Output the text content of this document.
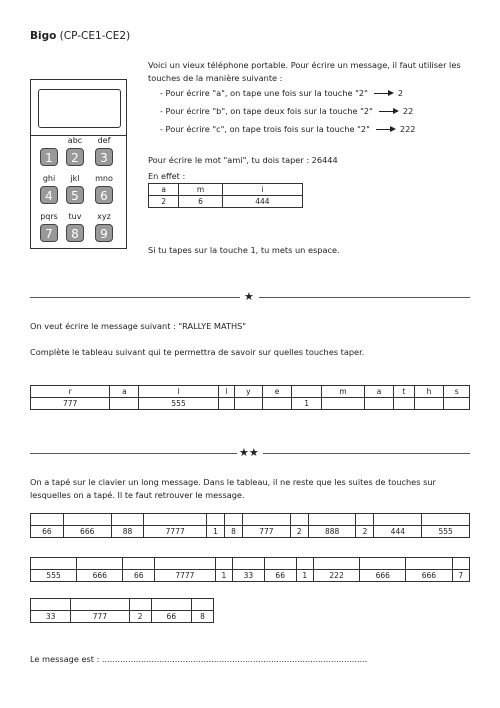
Bigo (CP-CE1-CE2)
1
abc
2
def
3
ghi
4
jkl
5
mno
6
pqrs
7
tuv
8
xyz
9

Voici un vieux téléphone portable. Pour écrire un message, il faut utiliser les touches de la manière suivante :

- Pour écrire "a", on tape une fois sur la touche "2"	2
- Pour écrire "b", on tape deux fois sur la touche "2"	22
- Pour écrire "c", on tape trois fois sur la touche "2"	222

Pour écrire le mot "ami", tu dois taper : 26444

En effet :

a	m	i
2	6	444

Si tu tapes sur la touche 1, tu mets un espace.

★

On veut écrire le message suivant : "RALLYE MATHS"

Complète le tableau suivant qui te permettra de savoir sur quelles touches taper.

r	a	l	l	y	e		m	a	t	h	s
777		555				1					
★★

On a tapé sur le clavier un long message. Dans le tableau, il ne reste que les suites de touches sur lesquelles on a tapé. Il te faut retrouver le message.

66	666	88	7777	1	8	777	2	888	2	444	555

555	666	66	7777	1	33	66	1	222	666	666	7

33	777	2	66	8

Le message est : ......................................................................................................
